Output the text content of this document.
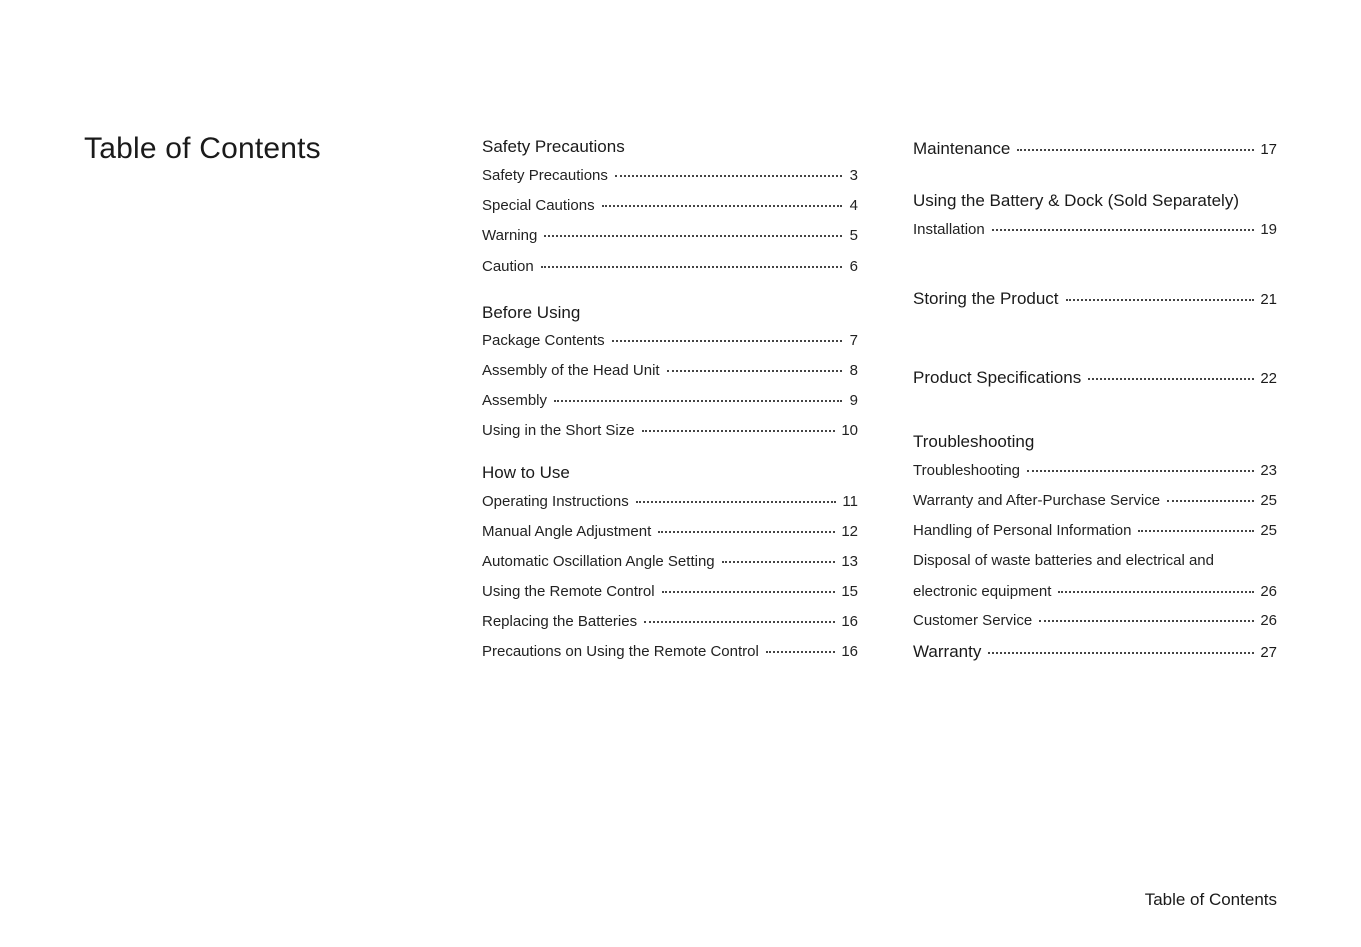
Table of Contents	Safety Precautions
Safety Precautions	3
Special Cautions	4
Warning	5
Caution	6
Before Using
Package Contents	7
Assembly of the Head Unit	8
Assembly	9
Using in the Short Size	10
How to Use
Operating Instructions	11
Manual Angle Adjustment	12
Automatic Oscillation Angle Setting	13
Using the Remote Control	15
Replacing the Batteries	16
Precautions on Using the Remote Control	16
Maintenance	17
Using the Battery & Dock (Sold Separately)
Installation	19
Storing the Product	21
Product Specifications	22
Troubleshooting
Troubleshooting	23
Warranty and After-Purchase Service	25
Handling of Personal Information	25
Disposal of waste batteries and electrical and
electronic equipment	26
Customer Service	26
Warranty	27
Table of Contents
